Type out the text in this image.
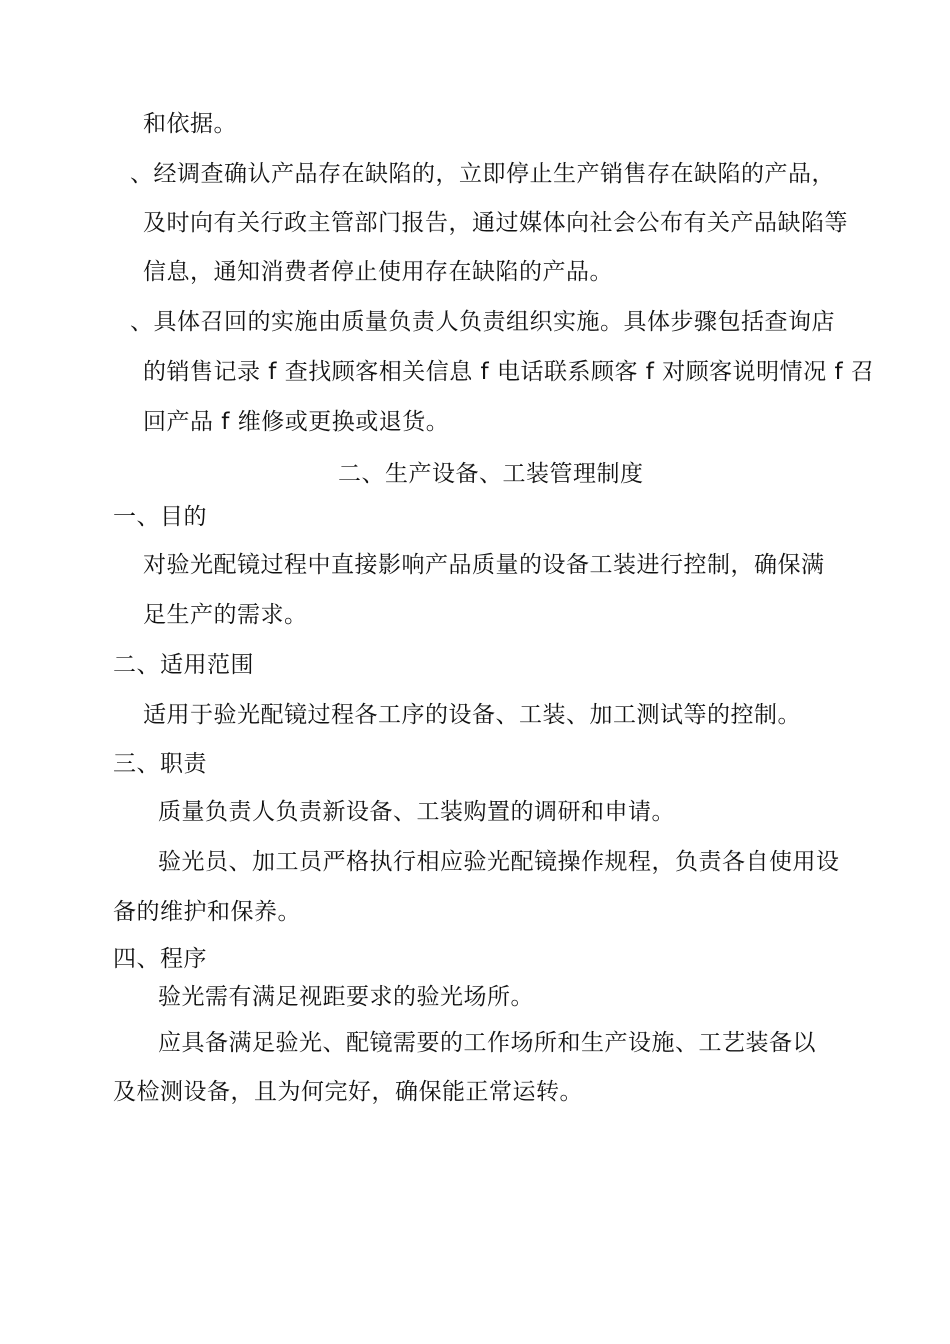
和依据。
、经调查确认产品存在缺陷的，立即停止生产销售存在缺陷的产品，
及时向有关行政主管部门报告，通过媒体向社会公布有关产品缺陷等
信息，通知消费者停止使用存在缺陷的产品。
、具体召回的实施由质量负责人负责组织实施。具体步骤包括查询店
的销售记录 f 查找顾客相关信息 f 电话联系顾客 f 对顾客说明情况 f 召
回产品 f 维修或更换或退货。
二、生产设备、工装管理制度
一、目的
对验光配镜过程中直接影响产品质量的设备工装进行控制，确保满
足生产的需求。
二、适用范围
适用于验光配镜过程各工序的设备、工装、加工测试等的控制。
三、职责
质量负责人负责新设备、工装购置的调研和申请。
验光员、加工员严格执行相应验光配镜操作规程，负责各自使用设
备的维护和保养。
四、程序
验光需有满足视距要求的验光场所。
应具备满足验光、配镜需要的工作场所和生产设施、工艺装备以
及检测设备，且为何完好，确保能正常运转。
